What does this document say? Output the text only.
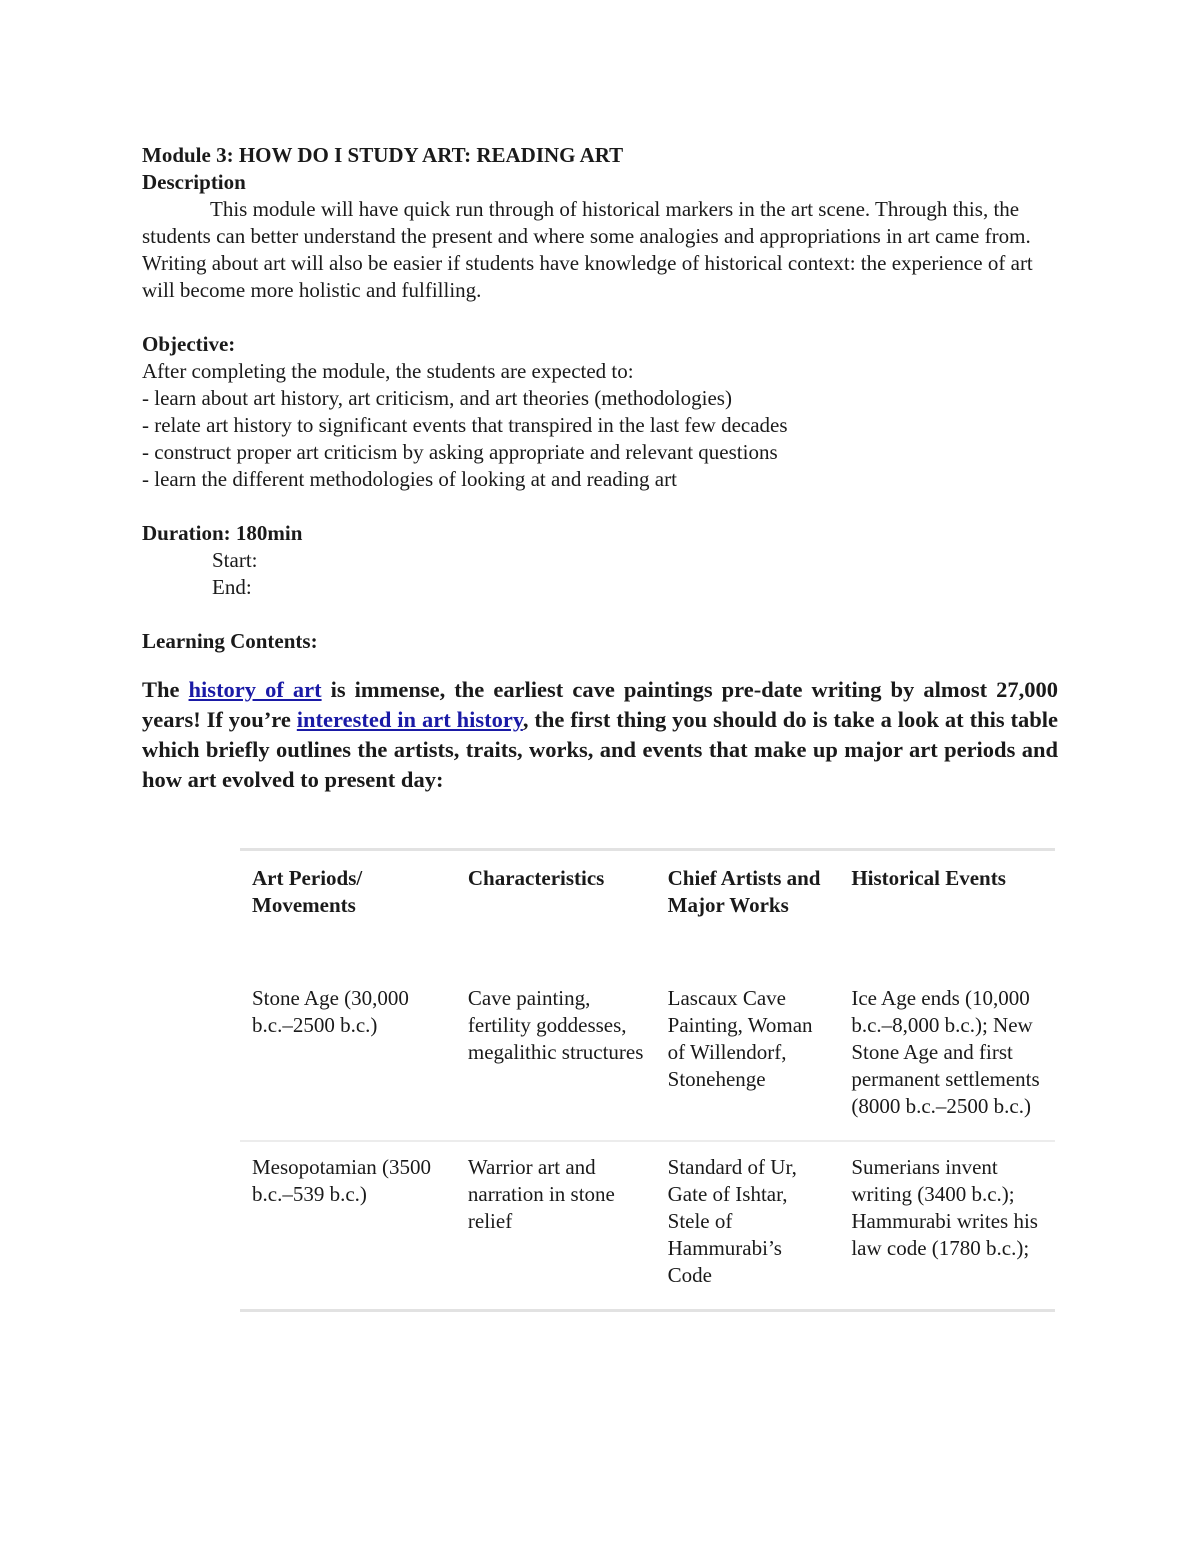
Module 3: HOW DO I STUDY ART: READING ART
Description
This module will have quick run through of historical markers in the art scene. Through this, the students can better understand the present and where some analogies and appropriations in art came from. Writing about art will also be easier if students have knowledge of historical context: the experience of art will become more holistic and fulfilling.
Objective:
After completing the module, the students are expected to:
- learn about art history, art criticism, and art theories (methodologies)
- relate art history to significant events that transpired in the last few decades
- construct proper art criticism by asking appropriate and relevant questions
- learn the different methodologies of looking at and reading art
Duration: 180min
Start:
End:
Learning Contents:
The history of art is immense, the earliest cave paintings pre-date writing by almost 27,000 years! If you’re interested in art history, the first thing you should do is take a look at this table which briefly outlines the artists, traits, works, and events that make up major art periods and how art evolved to present day:
Art Periods/ Movements	Characteristics	Chief Artists and Major Works	Historical Events
Stone Age (30,000 b.c.–2500 b.c.)	Cave painting, fertility goddesses, megalithic structures	Lascaux Cave Painting, Woman of Willendorf, Stonehenge	Ice Age ends (10,000 b.c.–8,000 b.c.); New Stone Age and first permanent settlements (8000 b.c.–2500 b.c.)
Mesopotamian (3500 b.c.–539 b.c.)	Warrior art and narration in stone relief	Standard of Ur, Gate of Ishtar, Stele of Hammurabi’s Code	Sumerians invent writing (3400 b.c.); Hammurabi writes his law code (1780 b.c.);
